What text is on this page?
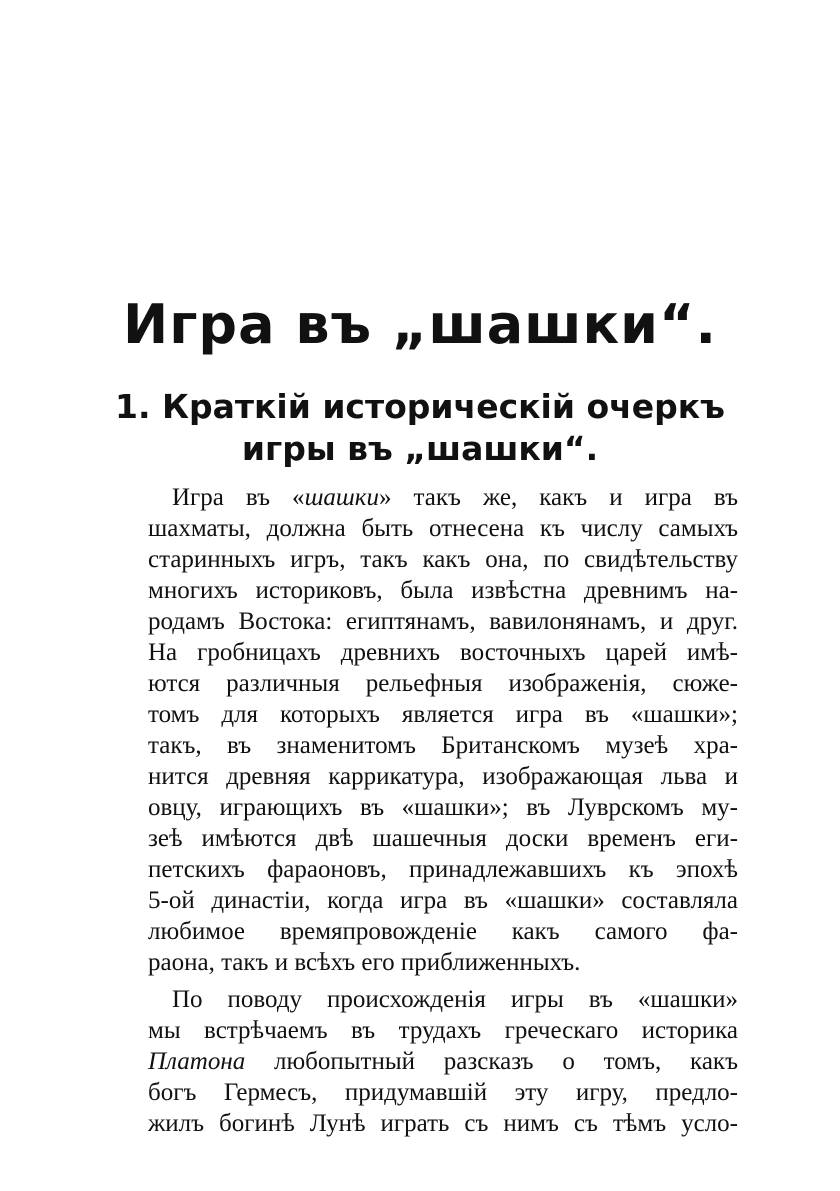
Игра въ „шашки“.
1. Краткій историческій очеркъ
игры въ „шашки“.
Игра въ «шашки» такъ же, какъ и игра въ
шахматы, должна быть отнесена къ числу самыхъ
старинныхъ игръ, такъ какъ она, по свидѣтельству
многихъ историковъ, была извѣстна древнимъ на-
родамъ Востока: египтянамъ, вавилонянамъ, и друг.
На гробницахъ древнихъ восточныхъ царей имѣ-
ются различныя рельефныя изображенія, сюже-
томъ для которыхъ является игра въ «шашки»;
такъ, въ знаменитомъ Британскомъ музеѣ хра-
нится древняя каррикатура, изображающая льва и
овцу, играющихъ въ «шашки»; въ Луврскомъ му-
зеѣ имѣются двѣ шашечныя доски временъ еги-
петскихъ фараоновъ, принадлежавшихъ къ эпохѣ
5-ой династіи, когда игра въ «шашки» составляла
любимое времяпровожденіе какъ самого фа-
раона, такъ и всѣхъ его приближенныхъ.
По поводу происхожденія игры въ «шашки»
мы встрѣчаемъ въ трудахъ греческаго историка
Платона любопытный разсказъ о томъ, какъ
богъ Гермесъ, придумавшій эту игру, предло-
жилъ богинѣ Лунѣ играть съ нимъ съ тѣмъ усло-
